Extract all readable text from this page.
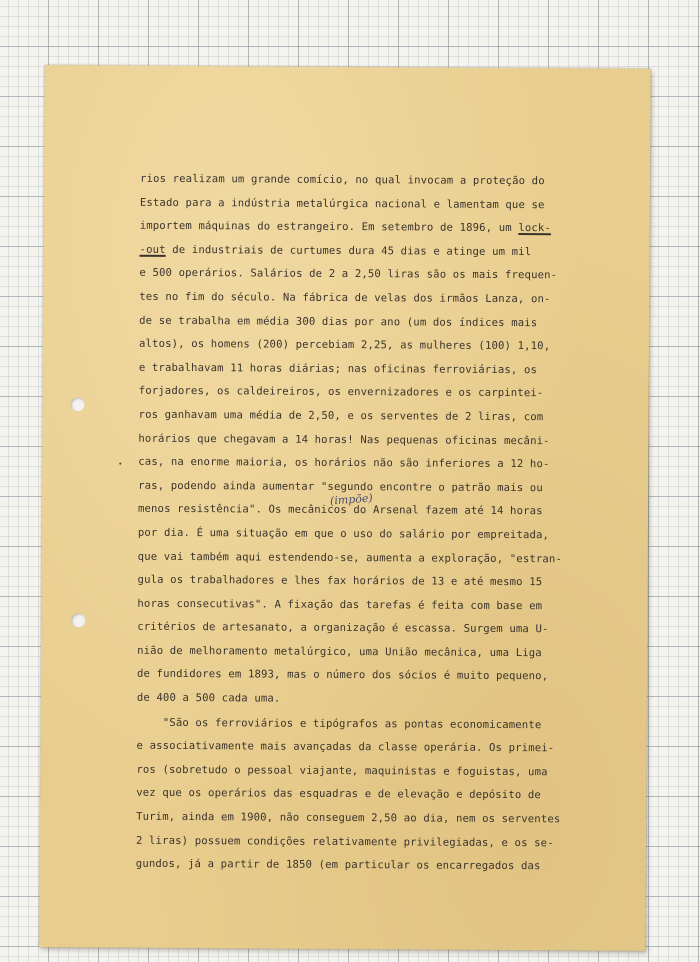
rios realizam um grande comício, no qual invocam a proteção do
Estado para a indústria metalúrgica nacional e lamentam que se
importem máquinas do estrangeiro. Em setembro de 1896, um lock-
-out de industriais de curtumes dura 45 dias e atinge um mil
e 500 operários. Salários de 2 a 2,50 liras são os mais frequen-
tes no fim do século. Na fábrica de velas dos irmãos Lanza, on-
de se trabalha em média 300 dias por ano (um dos índices mais
altos), os homens (200) percebiam 2,25, as mulheres (100) 1,10,
e trabalhavam 11 horas diárias; nas oficinas ferroviárias, os
forjadores, os caldeireiros, os envernizadores e os carpintei-
ros ganhavam uma média de 2,50, e os serventes de 2 liras, com
horários que chegavam a 14 horas! Nas pequenas oficinas mecâni-
cas, na enorme maioria, os horários não são inferiores a 12 ho-
ras, podendo ainda aumentar "segundo encontre o patrão mais ou
menos resistência". Os mecânicos do Arsenal fazem até 14 horas
por dia. É uma situação em que o uso do salário por empreitada,
que vai também aqui estendendo-se, aumenta a exploração, "estran-
gula os trabalhadores e lhes fax horários de 13 e até mesmo 15
horas consecutivas". A fixação das tarefas é feita com base em
critérios de artesanato, a organização é escassa. Surgem uma U-
nião de melhoramento metalúrgico, uma União mecânica, uma Liga
de fundidores em 1893, mas o número dos sócios é muito pequeno,
de 400 a 500 cada uma.
"São os ferroviários e tipógrafos as pontas economicamente
e associativamente mais avançadas da classe operária. Os primei-
ros (sobretudo o pessoal viajante, maquinistas e foguistas, uma
vez que os operários das esquadras e de elevação e depósito de
Turim, ainda em 1900, não conseguem 2,50 ao dia, nem os serventes
2 liras) possuem condições relativamente privilegiadas, e os se-
gundos, já a partir de 1850 (em particular os encarregados das
(impõe)
